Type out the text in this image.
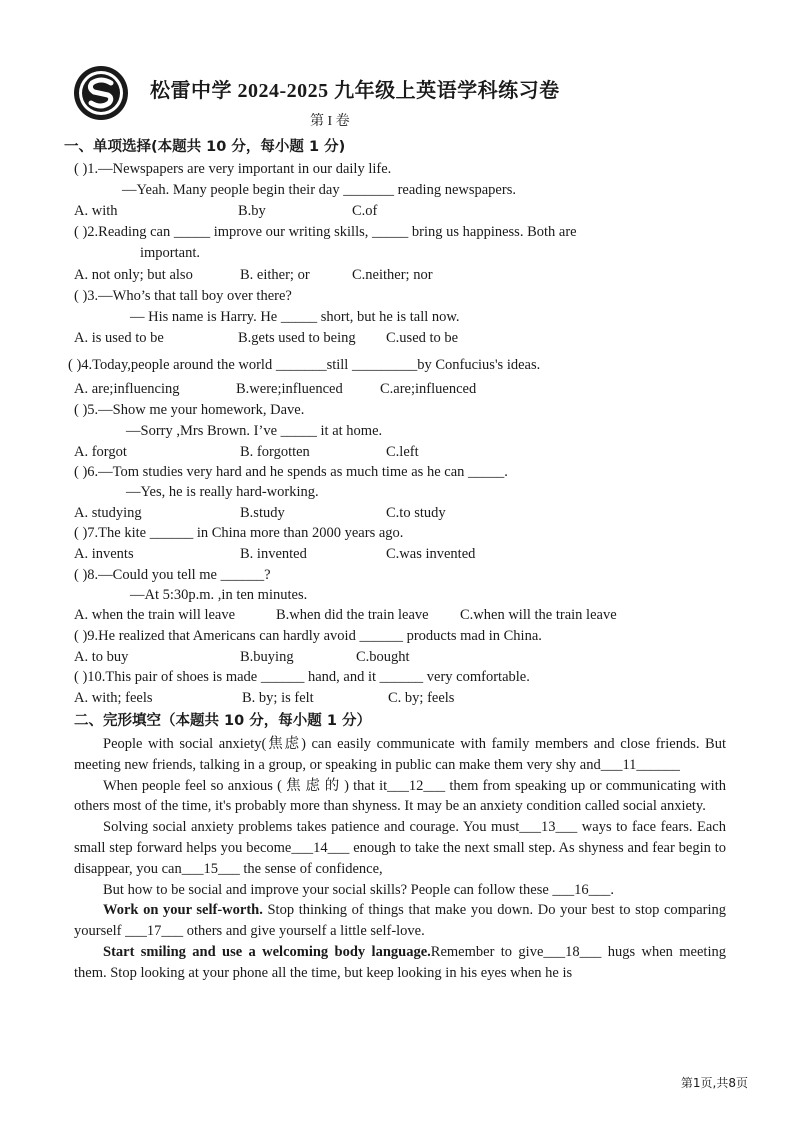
松雷中学 2024-2025 九年级上英语学科练习卷
第 I 卷
一、单项选择(本题共 10 分，每小题 1 分)
( )1.—Newspapers are very important in our daily life.
—Yeah. Many people begin their day _______ reading newspapers.
A. with	B.by	C.of
( )2.Reading can _____ improve our writing skills, _____ bring us happiness. Both are
important.
A. not only; but also	B. either; or	C.neither; nor
( )3.—Who’s that tall boy over there?
— His name is Harry. He _____ short, but he is tall now.
A. is used to be	B.gets used to being C.used to be
( )4.Today,people around the world _______still _________by Confucius's ideas.
A. are;influencing	B.were;influenced	C.are;influenced
( )5.—Show me your homework, Dave.
—Sorry ,Mrs Brown. I’ve _____ it at home.
A. forgot	B. forgotten	C.left
( )6.—Tom studies very hard and he spends as much time as he can _____.
—Yes, he is really hard-working.
A. studying	B.study	C.to study
( )7.The kite ______ in China more than 2000 years ago.
A. invents	B. invented	C.was invented
( )8.—Could you tell me ______?
—At 5:30p.m. ,in ten minutes.
A. when the train will leave	B.when did the train leave C.when will the train leave
( )9.He realized that Americans can hardly avoid ______ products mad in China.
A. to buy	B.buying	C.bought
( )10.This pair of shoes is made ______ hand, and it ______ very comfortable.
A. with; feels	B. by; is felt	C. by; feels
二、完形填空（本题共 10 分，每小题 1 分）

People with social anxiety(焦虑) can easily communicate with family members and close friends. But meeting new friends, talking in a group, or speaking in public can make them very shy and___11______

When people feel so anxious ( 焦 虑 的 ) that it___12___ them from speaking up or communicating with others most of the time, it's probably more than shyness. It may be an anxiety condition called social anxiety.

Solving social anxiety problems takes patience and courage. You must___13___ ways to face fears. Each small step forward helps you become___14___ enough to take the next small step. As shyness and fear begin to disappear, you can___15___ the sense of confidence,

But how to be social and improve your social skills? People can follow these ___16___.

Work on your self-worth. Stop thinking of things that make you down. Do your best to stop comparing yourself ___17___ others and give yourself a little self-love.

Start smiling and use a welcoming body language.Remember to give___18___ hugs when meeting them. Stop looking at your phone all the time, but keep looking in his eyes when he is

第1页,共8页
